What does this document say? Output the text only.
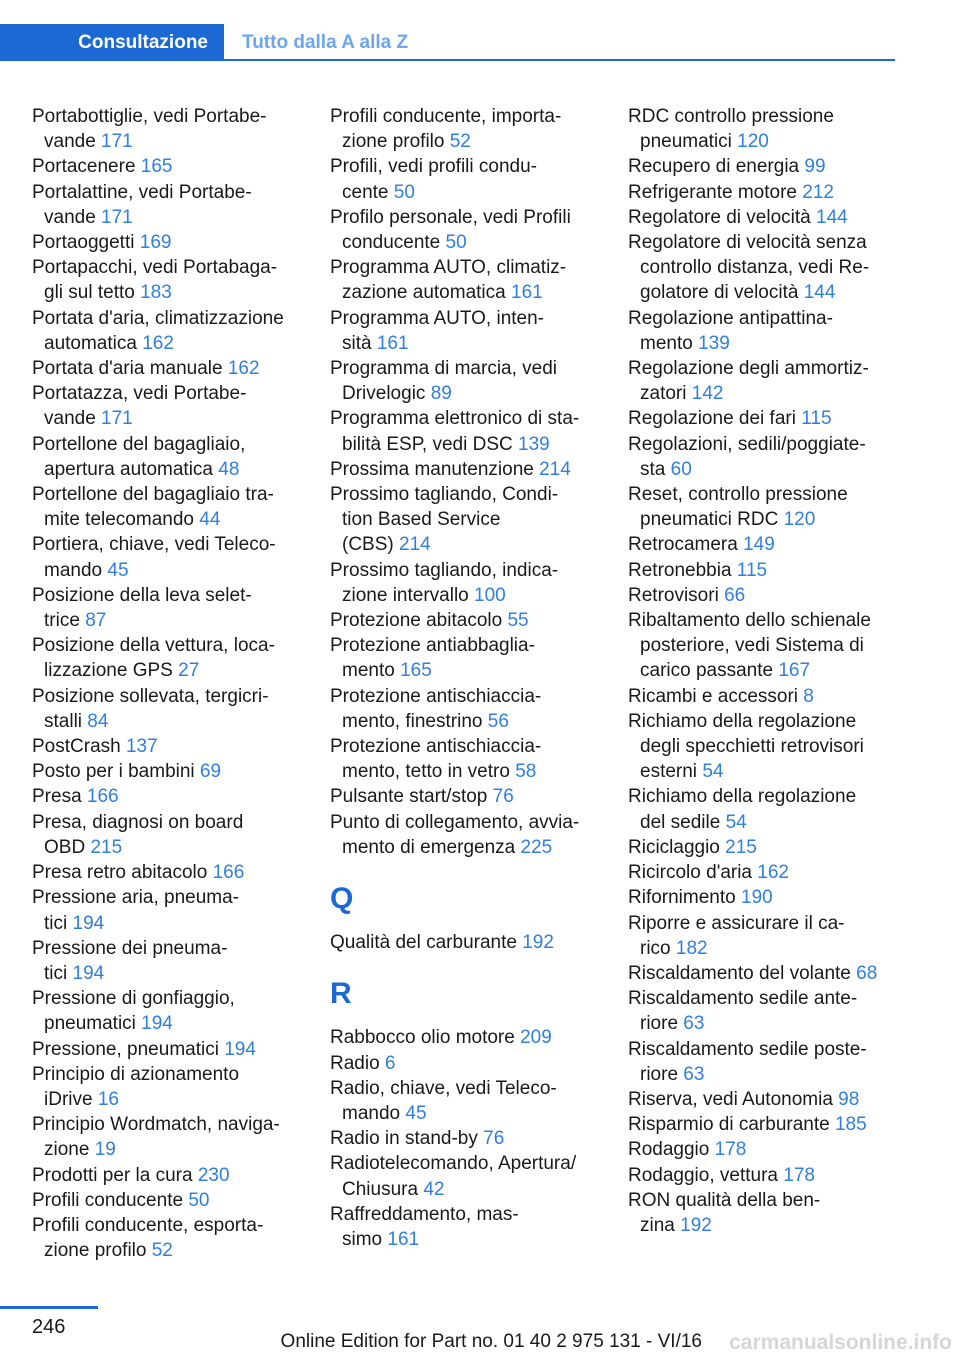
Consultazione	Tutto dalla A alla Z

Portabottiglie, vedi Portabe‐
vande 171

Portacenere 165

Portalattine, vedi Portabe‐
vande 171

Portaoggetti 169

Portapacchi, vedi Portabaga‐
gli sul tetto 183

Portata d'aria, climatizzazione
automatica 162

Portata d'aria manuale 162

Portatazza, vedi Portabe‐
vande 171

Portellone del bagagliaio,
apertura automatica 48

Portellone del bagagliaio tra‐
mite telecomando 44

Portiera, chiave, vedi Teleco‐
mando 45

Posizione della leva selet‐
trice 87

Posizione della vettura, loca‐
lizzazione GPS 27

Posizione sollevata, tergicri‐
stalli 84

PostCrash 137

Posto per i bambini 69

Presa 166

Presa, diagnosi on board
OBD 215

Presa retro abitacolo 166

Pressione aria, pneuma‐
tici 194

Pressione dei pneuma‐
tici 194

Pressione di gonfiaggio,
pneumatici 194

Pressione, pneumatici 194

Principio di azionamento
iDrive 16

Principio Wordmatch, naviga‐
zione 19

Prodotti per la cura 230

Profili conducente 50

Profili conducente, esporta‐
zione profilo 52

Profili conducente, importa‐
zione profilo 52

Profili, vedi profili condu‐
cente 50

Profilo personale, vedi Profili
conducente 50

Programma AUTO, climatiz‐
zazione automatica 161

Programma AUTO, inten‐
sità 161

Programma di marcia, vedi
Drivelogic 89

Programma elettronico di sta‐
bilità ESP, vedi DSC 139

Prossima manutenzione 214

Prossimo tagliando, Condi‐
tion Based Service
(CBS) 214

Prossimo tagliando, indica‐
zione intervallo 100

Protezione abitacolo 55

Protezione antiabbaglia‐
mento 165

Protezione antischiaccia‐
mento, finestrino 56

Protezione antischiaccia‐
mento, tetto in vetro 58

Pulsante start/stop 76

Punto di collegamento, avvia‐
mento di emergenza 225

Q

Qualità del carburante 192

R

Rabbocco olio motore 209

Radio 6

Radio, chiave, vedi Teleco‐
mando 45

Radio in stand-by 76

Radiotelecomando, Apertura/
Chiusura 42

Raffreddamento, mas‐
simo 161

RDC controllo pressione
pneumatici 120

Recupero di energia 99

Refrigerante motore 212

Regolatore di velocità 144

Regolatore di velocità senza
controllo distanza, vedi Re‐
golatore di velocità 144

Regolazione antipattina‐
mento 139

Regolazione degli ammortiz‐
zatori 142

Regolazione dei fari 115

Regolazioni, sedili/poggiate‐
sta 60

Reset, controllo pressione
pneumatici RDC 120

Retrocamera 149

Retronebbia 115

Retrovisori 66

Ribaltamento dello schienale
posteriore, vedi Sistema di
carico passante 167

Ricambi e accessori 8

Richiamo della regolazione
degli specchietti retrovisori
esterni 54

Richiamo della regolazione
del sedile 54

Riciclaggio 215

Ricircolo d'aria 162

Rifornimento 190

Riporre e assicurare il ca‐
rico 182

Riscaldamento del volante 68

Riscaldamento sedile ante‐
riore 63

Riscaldamento sedile poste‐
riore 63

Riserva, vedi Autonomia 98

Risparmio di carburante 185

Rodaggio 178

Rodaggio, vettura 178

RON qualità della ben‐
zina 192

246
Online Edition for Part no. 01 40 2 975 131 - VI/16 carmanualsonline.info
